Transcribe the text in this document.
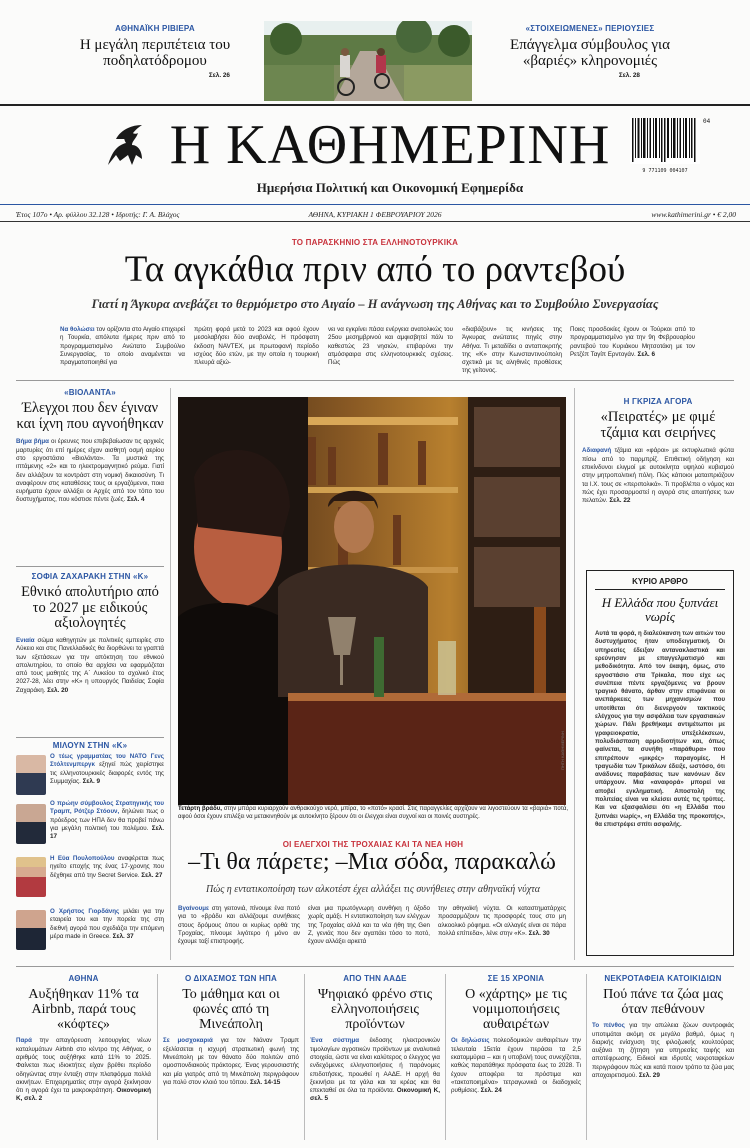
ΑΘΗΝΑΪΚΗ ΡΙΒΙΕΡΑ
Η μεγάλη περιπέτεια του ποδηλατόδρομου
Σελ. 26
«ΣΤΟΙΧΕΙΩΜΕΝΕΣ» ΠΕΡΙΟΥΣΙΕΣ
Επάγγελμα σύμβουλος για «βαριές» κληρονομιές
Σελ. 28
Η ΚΑΘΗΜΕΡΙΝΗ
Ημερήσια Πολιτική και Οικονομική Εφημερίδα
9 771109 004107
04
Έτος 107ο • Αρ. φύλλου 32.128 • Ιδρυτής: Γ. Α. Βλάχος	ΑΘΗΝΑ, ΚΥΡΙΑΚΗ 1 ΦΕΒΡΟΥΑΡΙΟΥ 2026	www.kathimerini.gr • € 2,00
ΤΟ ΠΑΡΑΣΚΗΝΙΟ ΣΤΑ ΕΛΛΗΝΟΤΟΥΡΚΙΚΑ
Τα αγκάθια πριν από το ραντεβού
Γιατί η Άγκυρα ανεβάζει το θερμόμετρο στο Αιγαίο – Η ανάγνωση της Αθήνας και το Συμβούλιο Συνεργασίας
Να θολώσει τον ορίζοντα στο Αιγαίο επιχειρεί η Τουρκία, απόλυτα ήμερες πριν από το προγραμματισμένο Ανώτατο Συμβούλιο Συνεργασίας, το οποίο αναμένεται να πραγματοποιηθεί για
πρώτη φορά μετά το 2023 και αφού έχουν μεσολαβήσει δύο αναβολές. Η πρόσφατη έκδοση NAVTEX, με πρωτοφανή περίοδο ισχύος δύο ετών, με την οποία η τουρκική πλευρά αξιώ-
νει να εγκρίνει πάσα ενέργεια ανατολικώς του 25ου μεσημβρινού και αμφισβητεί πάλι το καθεστώς 23 νησιών, επιβαρύνει την ατμόσφαιρα στις ελληνοτουρκικές σχέσεις. Πώς
«διαβάζουν» τις κινήσεις της Άγκυρας ανώτατες πηγές στην Αθήνα. Τι μεταδίδει ο ανταποκριτής της «Κ» στην Κωνσταντινούπολη σχετικά με τις αληθινές προθέσεις της γείτονος.
Ποιες προσδοκίες έχουν οι Τούρκοι από το προγραμματισμένο για την 9η Φεβρουαρίου ραντεβού του Κυριάκου Μητσοτάκη με τον Ρετζέπ Ταγίπ Ερντογάν. Σελ. 6
«ΒΙΟΛΑΝΤΑ»
Έλεγχοι που δεν έγιναν και ίχνη που αγνοήθηκαν
Βήμα βήμα οι έρευνες που επιβεβαίωσαν τις αρχικές μαρτυρίες ότι επί ημέρες είχαν αισθητή οσμή αερίου στο εργοστάσιο «Βιολάντα». Τα μυστικά της ιπτάμενης «2» και το ηλεκτρομαγνητικό ρεύμα. Γιατί δεν αλλάζουν τα κοντράστ στη νομική δικαιοσύνη. Τι αναφέρουν στις καταθέσεις τους οι εργαζόμενοι, ποια ευρήματα έχουν αλλάξει οι Αρχές από τον τόπο του δυστυχήματος, που κόστισε πέντε ζωές. Σελ. 4
ΣΟΦΙΑ ΖΑΧΑΡΑΚΗ ΣΤΗΝ «Κ»
Εθνικό απολυτήριο από το 2027 με ειδικούς αξιολογητές
Ενιαία σώμα καθηγητών με πολιτικές εμπειρίες στο Λύκειο και στις Πανελλαδικές θα διορθώνει τα γραπτά των εξετάσεων για την απόκτηση του εθνικού απολυτηρίου, το οποίο θα αρχίσει να εφαρμόζεται από τους μαθητές της Α΄ Λυκείου το σχολικό έτος 2027-28, λέει στην «Κ» η υπουργός Παιδείας Σοφία Ζαχαράκη. Σελ. 20
ΜΙΛΟΥΝ ΣΤΗΝ «Κ»
Ο τέως γραμματέας του ΝΑΤΟ Γενς Στόλτενμπεργκ εξηγεί πώς χειρίστηκε τις ελληνοτουρκικές διαφορές εντός της Συμμαχίας. Σελ. 9
Ο πρώην σύμβουλος Στρατηγικής του Τραμπ, Ρότζερ Στόουν, δηλώνει πως ο πρόεδρος των ΗΠΑ δεν θα προβεί πάνω για μεγάλη πολιτική του πολέμου. Σελ. 17
Η Εύα Πουλοπούλου αναφέρεται πως ηγείτο εποχής της ένας 17-χρονης που δέχθηκε από την Secret Service. Σελ. 27
Ο Χρήστος Γιορδάνης μιλάει για την εταιρεία του και την πορεία της στη διεθνή αγορά που σχεδιάζει την επόμενη μέρα made in Greece. Σελ. 37
ΠΗΓΗ ΚΑΘΗΜΕΡΙΝΗ
Τετάρτη βράδυ, στην μπάρα κυριαρχούν ανθρακούχο νερό, μπίρα, το «ποτό» κρασί. Στις παραγγελίες αρχίζουν να λιγοστεύουν τα «βαριά» ποτά, αφού όσοι έχουν επιλέξει να μετακινηθούν με αυτοκίνητο ξέρουν ότι οι έλεγχοι είναι συχνοί και οι ποινές αυστηρές.
ΟΙ ΕΛΕΓΧΟΙ ΤΗΣ ΤΡΟΧΑΙΑΣ ΚΑΙ ΤΑ ΝΕΑ ΗΘΗ
–Τι θα πάρετε; –Μια σόδα, παρακαλώ
Πώς η εντατικοποίηση των αλκοτέστ έχει αλλάξει τις συνήθειες στην αθηναϊκή νύχτα
Βγαίνουμε στη γειτονιά, πίνουμε ένα ποτό για το «βράδυ και αλλάζουμε συνήθειες στους δρόμους όπου οι κυρίως ορθά της Τροχαίας, πίνουμε λιγότερο ή μόνο αν έχουμε ταξί επιστροφής.
είναι μια πρωτόγνωρη συνθήκη η όξοδο χωρίς αμάξι. Η εντατικοποίηση των ελέγχων της Τροχαίας αλλά και τα νέα ήθη της Gen Z, γενιάς που δεν αγαπάει τόσο το ποτό, έχουν αλλάξει αρκετά
την αθηναϊκή νύχτα. Οι καταστηματάρχες προσαρμόζουν τις προσφορές τους στο μη αλκοολικό ρόφημα. «Οι αλλαγές είναι σε πάρα πολλά επίπεδα», λένε στην «Κ». Σελ. 30
Η ΓΚΡΙΖΑ ΑΓΟΡΑ
«Πειρατές» με φιμέ τζάμια και σειρήνες
Αδιαφανή τζάμια και «φάροι» με εκτυφλωτικά φώτα πίσω από το παρμπρίζ. Επιθετική οδήγηση και επικίνδυνοι ελιγμοί με αυτοκίνητα υψηλού κυβισμού στην μητροπολιτική πόλη. Πώς κάποιοι ματαιπριάζουν τα Ι.Χ. τους σε «περιπολικά». Τι προβλέπει ο νόμος και πώς έχει προσαρμοστεί η αγορά στις απαιτήσεις των πελατών. Σελ. 22
ΚΥΡΙΟ ΑΡΘΡΟ
Η Ελλάδα που ξυπνάει νωρίς
Αυτά τα φορά, η διαλεύκανση των αιτιών του δυστυχήματος ήταν υποδειγματική. Οι υπηρεσίες έδειξαν αντανακλαστικά και ερεύνησαν με επαγγελματισμό και μεθοδικότητα. Από τον έκαψη, όμως, στο εργοστάσιο στα Τρίκαλα, που είχε ως συνέπεια πέντε εργαζόμενες να βρουν τραγικό θάνατο, άρθαν στην επιφάνεια οι ανεπάρκειες των μηχανισμών που υποτίθεται ότι διενεργούν τακτικούς ελέγχους για την ασφάλεια των εργασιακών χώρων. Πάλι βρεθήκαμε αντιμέτωποι με γραφειοκρατία, υπεξελέκσεων, πολυδιάσπαση αρμοδιοτήτων και, όπως φαίνεται, τα συνήθη «παράθυρα» που επιτρέπουν «μικρές» παραγομίες. Η τραγωδία των Τρικάλων έδειξε, ωστόσο, ότι ανάδυνες παραβάσεις των κανόνων δεν υπάρχουν. Μια «αναφορά» μπορεί να αποβεί εγκληματική. Αποστολή της πολιτείας είναι να κλείσει αυτές τις τρύπες. Και να εξασφαλίσει ότι «η Ελλάδα που ξυπνάει νωρίς», «η Ελλάδα της προκοπής», θα επιστρέφει σπίτι ασφαλής.
ΑΘΗΝΑ
Αυξήθηκαν 11% τα Airbnb, παρά τους «κόφτες»
Παρά την απαγόρευση λειτουργίας νέων καταλυμάτων Airbnb στο κέντρο της Αθήνας, ο αριθμός τους αυξήθηκε κατά 11% το 2025. Φαίνεται πως ιδιοκτήτες είχαν βρέθει περίοδο οδηγώντας στην ένταξη στην πλατφόρμα πολλά ακινήτων. Επιχειρηματίες στην αγορά ξεκίνησαν ότι η αγορά έχει τα μακροκράτηση. Οικονομική Κ, σελ. 2
Ο ΔΙΧΑΣΜΟΣ ΤΩΝ ΗΠΑ
Το μάθημα και οι φωνές από τη Μινεάπολη
Σε μοσχοκαριά για τον Νιάναν Τραμπ εξελίσσεται η ισχυρή στρατιωτική φωνή της Μινεάπολη με τον θάνατο δύο πολιτών από ομοσπονδιακούς πράκτορες. Ένας γερουσιαστής και μία γιατρός από τη Μινεάπολη περιγράφουν για πολύ στον κλοιό του τόπου. Σελ. 14-15
ΑΠΟ ΤΗΝ ΑΑΔΕ
Ψηφιακό φρένο στις ελληνοποιήσεις προϊόντων
Ένα σύστημα έκδοσης ηλεκτρονικών τιμολογίων αγροτικών προϊόντων με αναλυτικά στοιχεία, ώστε να είναι καλύτερος ο έλεγχος για ενδεχόμενες ελληνοποιήσεις ή παράνομες επιδοτήσεις, προωθεί η ΑΑΔΕ. Η αρχή θα ξεκινήσει με τα γάλα και τα κρέας και θα επεκταθεί σε όλα τα προϊόντα. Οικονομική Κ, σελ. 5
ΣΕ 15 ΧΡΟΝΙΑ
Ο «χάρτης» με τις νομιμοποιήσεις αυθαιρέτων
Οι δηλώσεις πολεοδομικών αυθαιρέτων την τελευταία 15ετία έχουν περάσει τα 2,5 εκατομμύρια – και η υποβολή τους συνεχίζεται, καθώς παρατάθηκε πρόσφατα έως το 2028. Τι έχουν αποφέρει τα πρόστιμα και «τακτοποιημένα» τετραγωνικά οι διαδοχικές ρυθμίσεις. Σελ. 24
ΝΕΚΡΟΤΑΦΕΙΑ ΚΑΤΟΙΚΙΔΙΩΝ
Πού πάνε τα ζώα μας όταν πεθάνουν
Το πένθος για την απώλεια ζώων συντροφιάς υποτιμάται ακόμη σε μεγάλο βαθμό, όμως η διαρκής ενίσχυση της φιλοζωικής κουλτούρας αυξάνει τη ζήτηση για υπηρεσίες ταφής και αποτέφρωσης. Ειδικοί και ιδρυτές νεκροταφείων περιγράφουν πώς και κατά ποιον τρόπο τα ζώα μας αποχαιρετισμού. Σελ. 29
